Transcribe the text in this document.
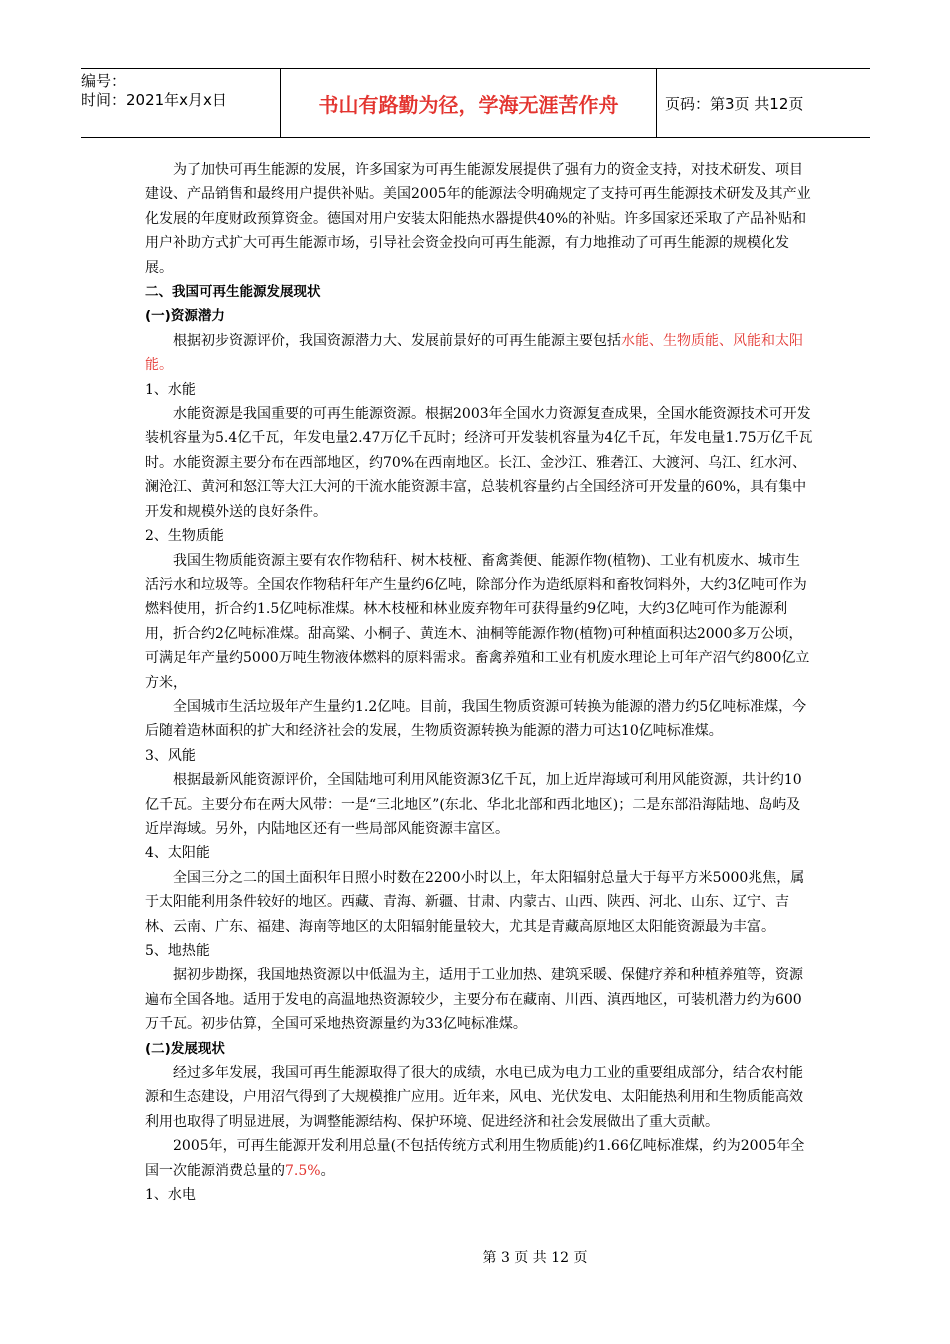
编号：
时间：2021年x月x日	书山有路勤为径，学海无涯苦作舟	页码：第3页 共12页

为了加快可再生能源的发展，许多国家为可再生能源发展提供了强有力的资金支持，对技术研发、项目建设、产品销售和最终用户提供补贴。美国2005年的能源法令明确规定了支持可再生能源技术研发及其产业化发展的年度财政预算资金。德国对用户安装太阳能热水器提供40%的补贴。许多国家还采取了产品补贴和用户补助方式扩大可再生能源市场，引导社会资金投向可再生能源，有力地推动了可再生能源的规模化发展。

二、我国可再生能源发展现状

(一)资源潜力

根据初步资源评价，我国资源潜力大、发展前景好的可再生能源主要包括水能、生物质能、风能和太阳能。

1、水能

水能资源是我国重要的可再生能源资源。根据2003年全国水力资源复查成果，全国水能资源技术可开发装机容量为5.4亿千瓦，年发电量2.47万亿千瓦时；经济可开发装机容量为4亿千瓦，年发电量1.75万亿千瓦时。水能资源主要分布在西部地区，约70%在西南地区。长江、金沙江、雅砻江、大渡河、乌江、红水河、澜沧江、黄河和怒江等大江大河的干流水能资源丰富，总装机容量约占全国经济可开发量的60%，具有集中开发和规模外送的良好条件。

2、生物质能

我国生物质能资源主要有农作物秸秆、树木枝桠、畜禽粪便、能源作物(植物)、工业有机废水、城市生活污水和垃圾等。全国农作物秸秆年产生量约6亿吨，除部分作为造纸原料和畜牧饲料外，大约3亿吨可作为燃料使用，折合约1.5亿吨标准煤。林木枝桠和林业废弃物年可获得量约9亿吨，大约3亿吨可作为能源利用，折合约2亿吨标准煤。甜高粱、小桐子、黄连木、油桐等能源作物(植物)可种植面积达2000多万公顷，可满足年产量约5000万吨生物液体燃料的原料需求。畜禽养殖和工业有机废水理论上可年产沼气约800亿立方米，

全国城市生活垃圾年产生量约1.2亿吨。目前，我国生物质资源可转换为能源的潜力约5亿吨标准煤，今后随着造林面积的扩大和经济社会的发展，生物质资源转换为能源的潜力可达10亿吨标准煤。

3、风能

根据最新风能资源评价，全国陆地可利用风能资源3亿千瓦，加上近岸海域可利用风能资源，共计约10亿千瓦。主要分布在两大风带：一是“三北地区”(东北、华北北部和西北地区)；二是东部沿海陆地、岛屿及近岸海域。另外，内陆地区还有一些局部风能资源丰富区。

4、太阳能

全国三分之二的国土面积年日照小时数在2200小时以上，年太阳辐射总量大于每平方米5000兆焦，属于太阳能利用条件较好的地区。西藏、青海、新疆、甘肃、内蒙古、山西、陕西、河北、山东、辽宁、吉林、云南、广东、福建、海南等地区的太阳辐射能量较大，尤其是青藏高原地区太阳能资源最为丰富。

5、地热能

据初步勘探，我国地热资源以中低温为主，适用于工业加热、建筑采暖、保健疗养和种植养殖等，资源遍布全国各地。适用于发电的高温地热资源较少，主要分布在藏南、川西、滇西地区，可装机潜力约为600万千瓦。初步估算，全国可采地热资源量约为33亿吨标准煤。

(二)发展现状

经过多年发展，我国可再生能源取得了很大的成绩，水电已成为电力工业的重要组成部分，结合农村能源和生态建设，户用沼气得到了大规模推广应用。近年来，风电、光伏发电、太阳能热利用和生物质能高效利用也取得了明显进展，为调整能源结构、保护环境、促进经济和社会发展做出了重大贡献。

2005年，可再生能源开发利用总量(不包括传统方式利用生物质能)约1.66亿吨标准煤，约为2005年全国一次能源消费总量的7.5%。

1、水电

第 3 页 共 12 页
